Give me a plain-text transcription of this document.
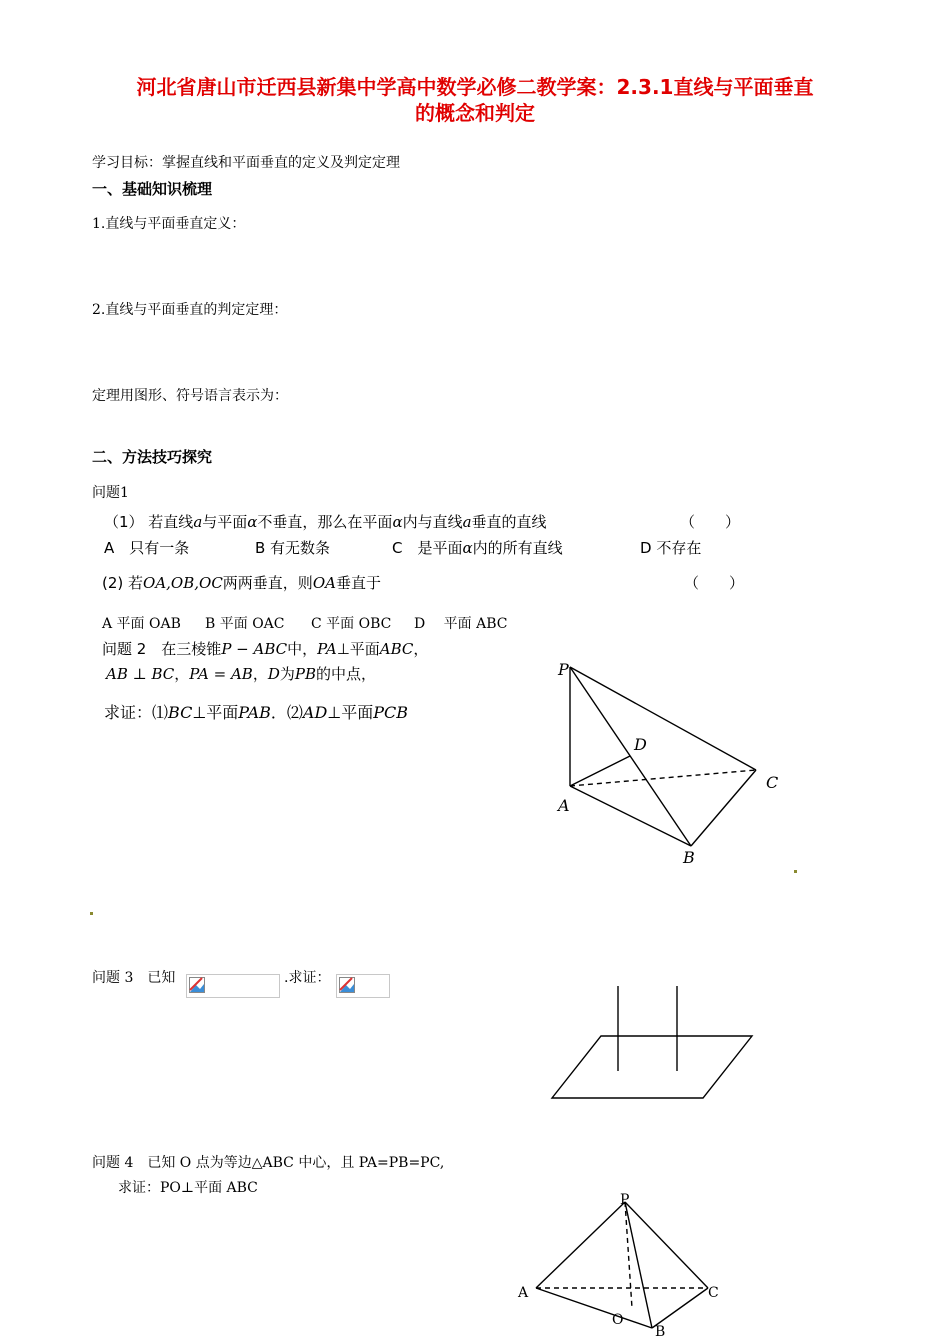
河北省唐山市迁西县新集中学高中数学必修二教学案：2.3.1直线与平面垂直
的概念和判定
学习目标：掌握直线和平面垂直的定义及判定定理
一、基础知识梳理
1.直线与平面垂直定义：
2.直线与平面垂直的判定定理：
定理用图形、符号语言表示为：
二、方法技巧探究
问题1
（1） 若直线a与平面α不垂直，那么在平面α内与直线a垂直的直线	（　　）
A　只有一条	B 有无数条	C　是平面α内的所有直线	D 不存在
(2) 若OA,OB,OC两两垂直，则OA垂直于	（　　）
A 平面 OAB B 平面 OAC C 平面 OBC D　 平面 ABC
问题 2　在三棱锥P − ABC中，PA⊥平面ABC，
AB ⊥ BC，PA = AB，D为PB的中点，
求证：⑴BC⊥平面PAB．⑵AD⊥平面PCB
P
A
B
C
D
问题 3　已知	.求证：
问题 4　已知 O 点为等边△ABC 中心，且 PA=PB=PC,
求证：PO⊥平面 ABC
P
A	C
O
B
